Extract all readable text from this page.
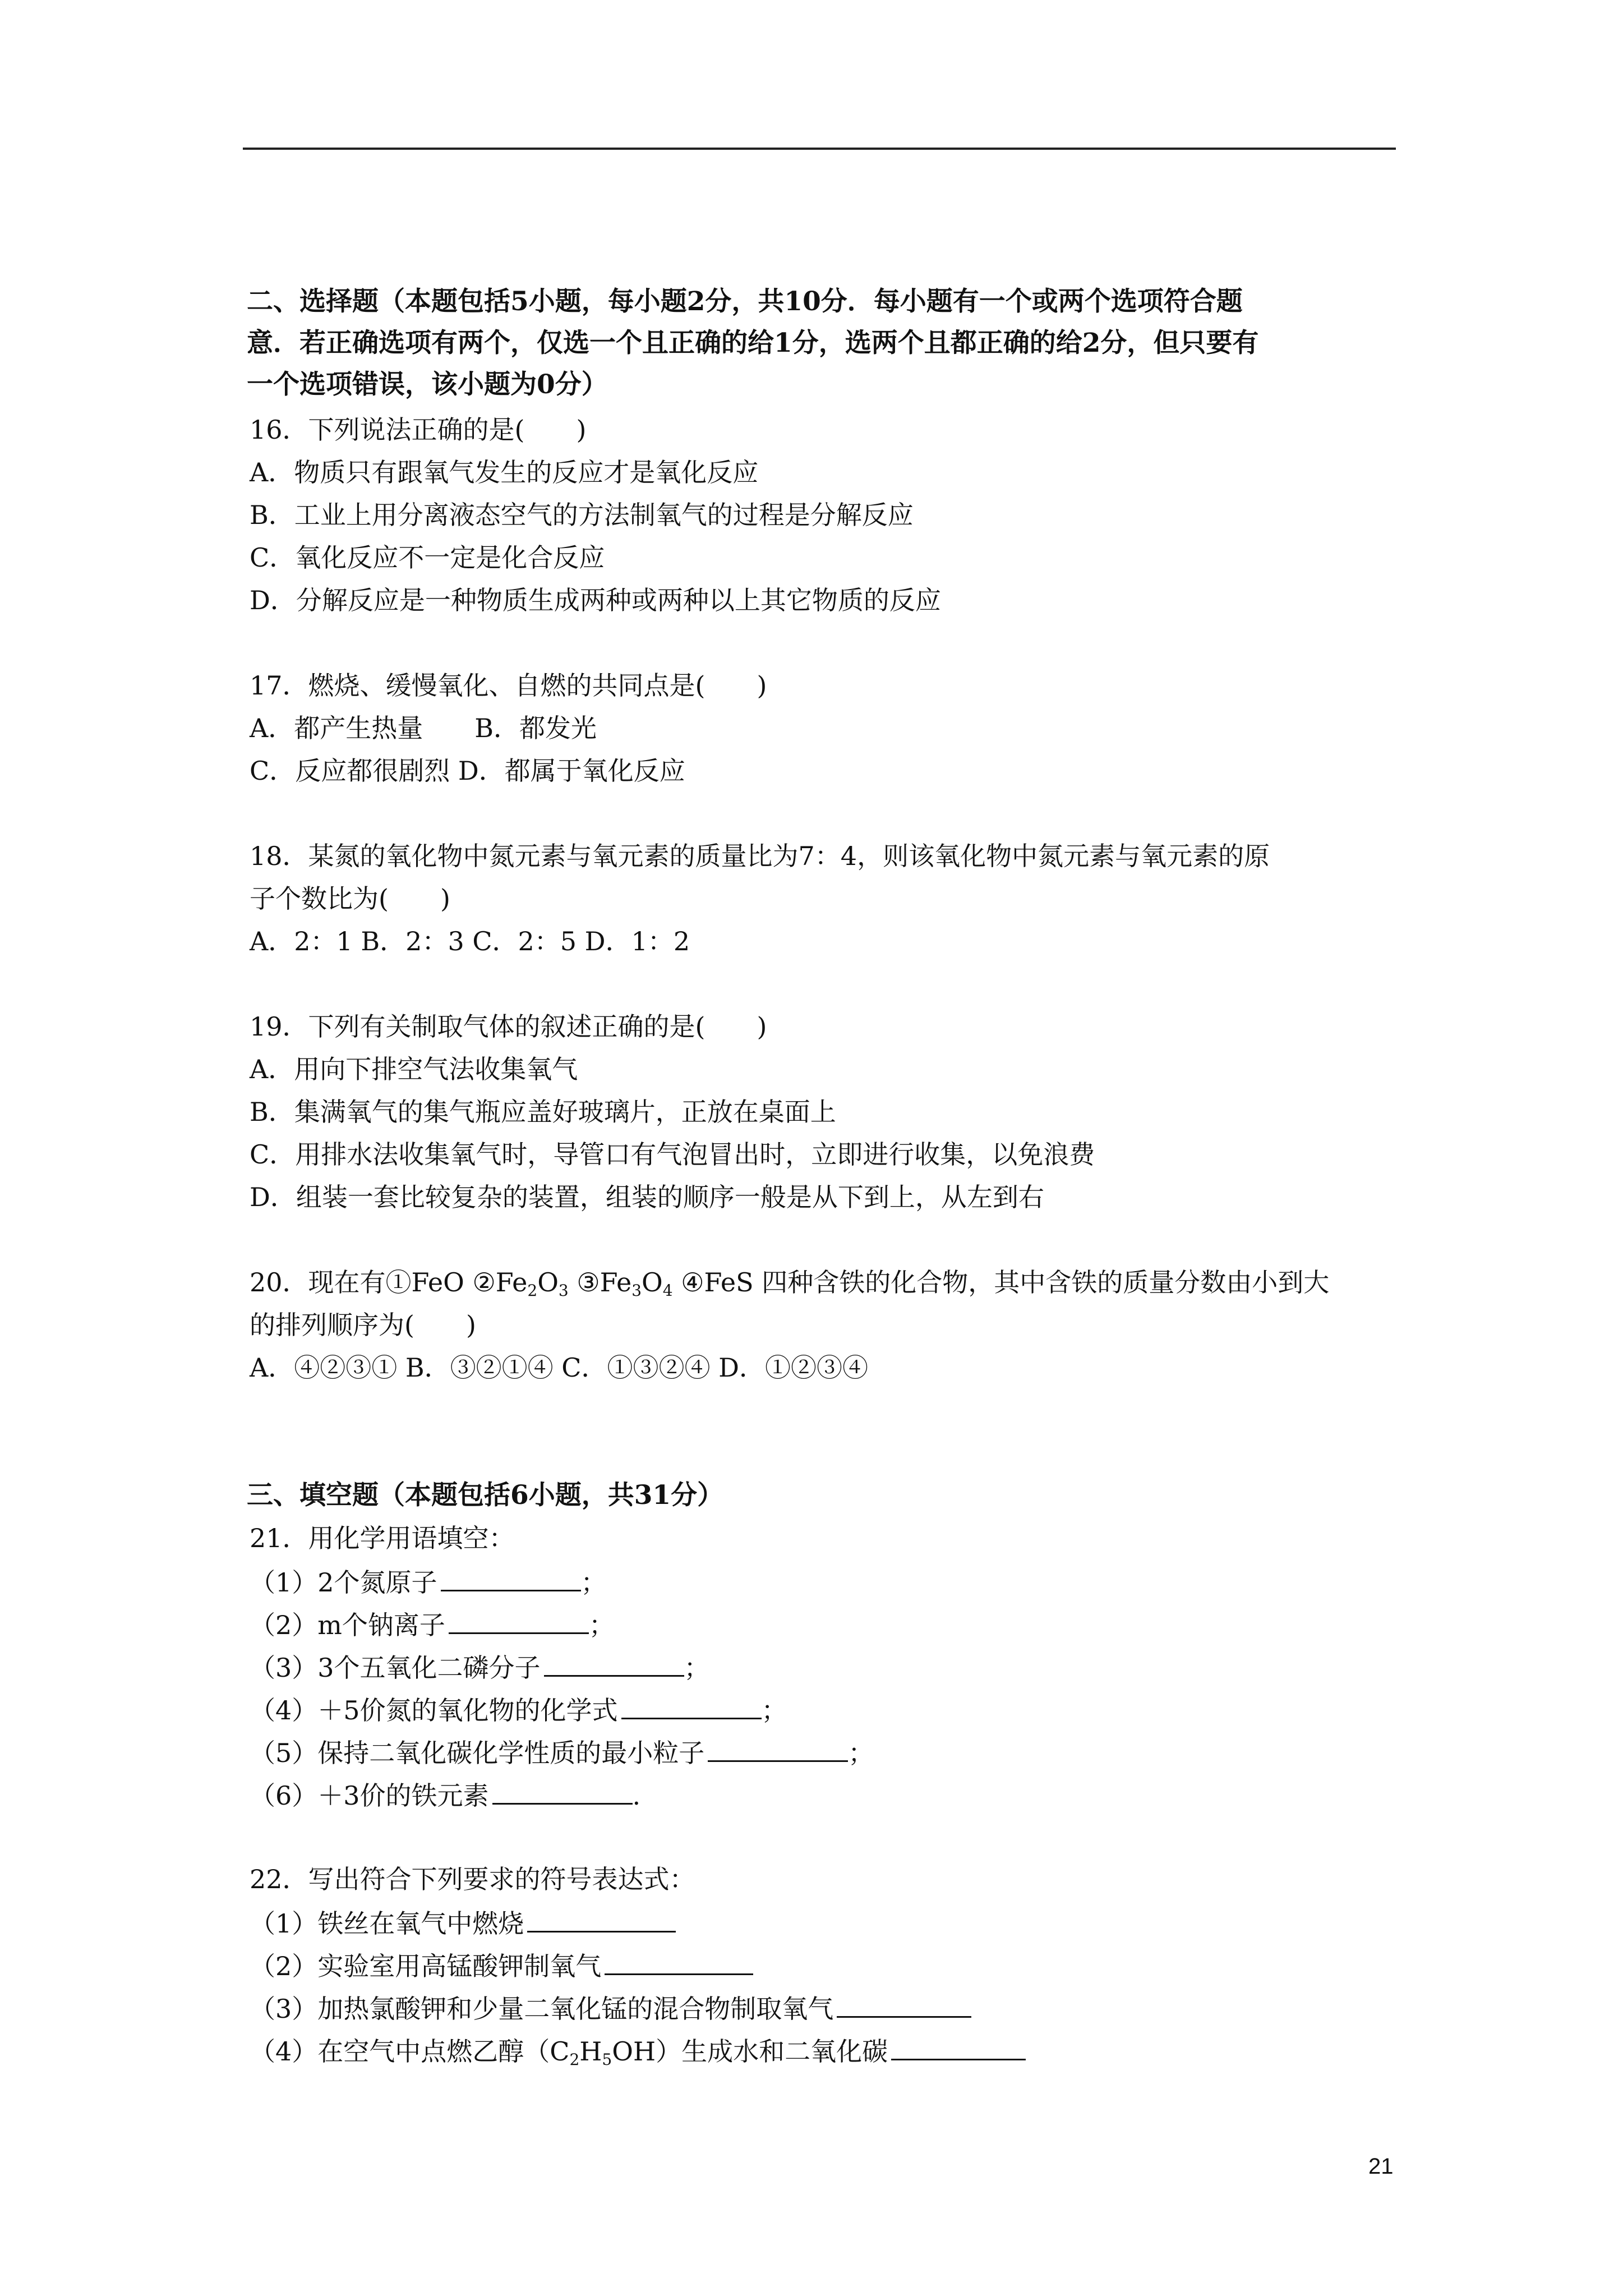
二、选择题（本题包括5小题，每小题2分，共10分．每小题有一个或两个选项符合题
意．若正确选项有两个，仅选一个且正确的给1分，选两个且都正确的给2分，但只要有
一个选项错误，该小题为0分）
16．下列说法正确的是(　　)
A．物质只有跟氧气发生的反应才是氧化反应
B．工业上用分离液态空气的方法制氧气的过程是分解反应
C．氧化反应不一定是化合反应
D．分解反应是一种物质生成两种或两种以上其它物质的反应
17．燃烧、缓慢氧化、自燃的共同点是(　　)
A．都产生热量　　B．都发光
C．反应都很剧烈 D．都属于氧化反应
18．某氮的氧化物中氮元素与氧元素的质量比为7：4，则该氧化物中氮元素与氧元素的原
子个数比为(　　)
A．2：1 B．2：3 C．2：5 D．1：2
19．下列有关制取气体的叙述正确的是(　　)
A．用向下排空气法收集氧气
B．集满氧气的集气瓶应盖好玻璃片，正放在桌面上
C．用排水法收集氧气时，导管口有气泡冒出时，立即进行收集，以免浪费
D．组装一套比较复杂的装置，组装的顺序一般是从下到上，从左到右
20．现在有①FeO $②Fe_2O_3$ $③Fe_3O_4$ ④FeS 四种含铁的化合物，其中含铁的质量分数由小到大
的排列顺序为(　　)
A．④②③① B．③②①④ C．①③②④ D．①②③④
三、填空题（本题包括6小题，共31分）
21．用化学用语填空：
（1）2个氮原子	；
（2）m个钠离子	；
（3）3个五氧化二磷分子	；
（4）＋5价氮的氧化物的化学式	；
（5）保持二氧化碳化学性质的最小粒子	；
（6）＋3价的铁元素	.
22．写出符合下列要求的符号表达式：
（1）铁丝在氧气中燃烧
（2）实验室用高锰酸钾制氧气
（3）加热氯酸钾和少量二氧化锰的混合物制取氧气
（4）在空气中点燃乙醇$(C_2H_5OH)$生成水和二氧化碳
21
